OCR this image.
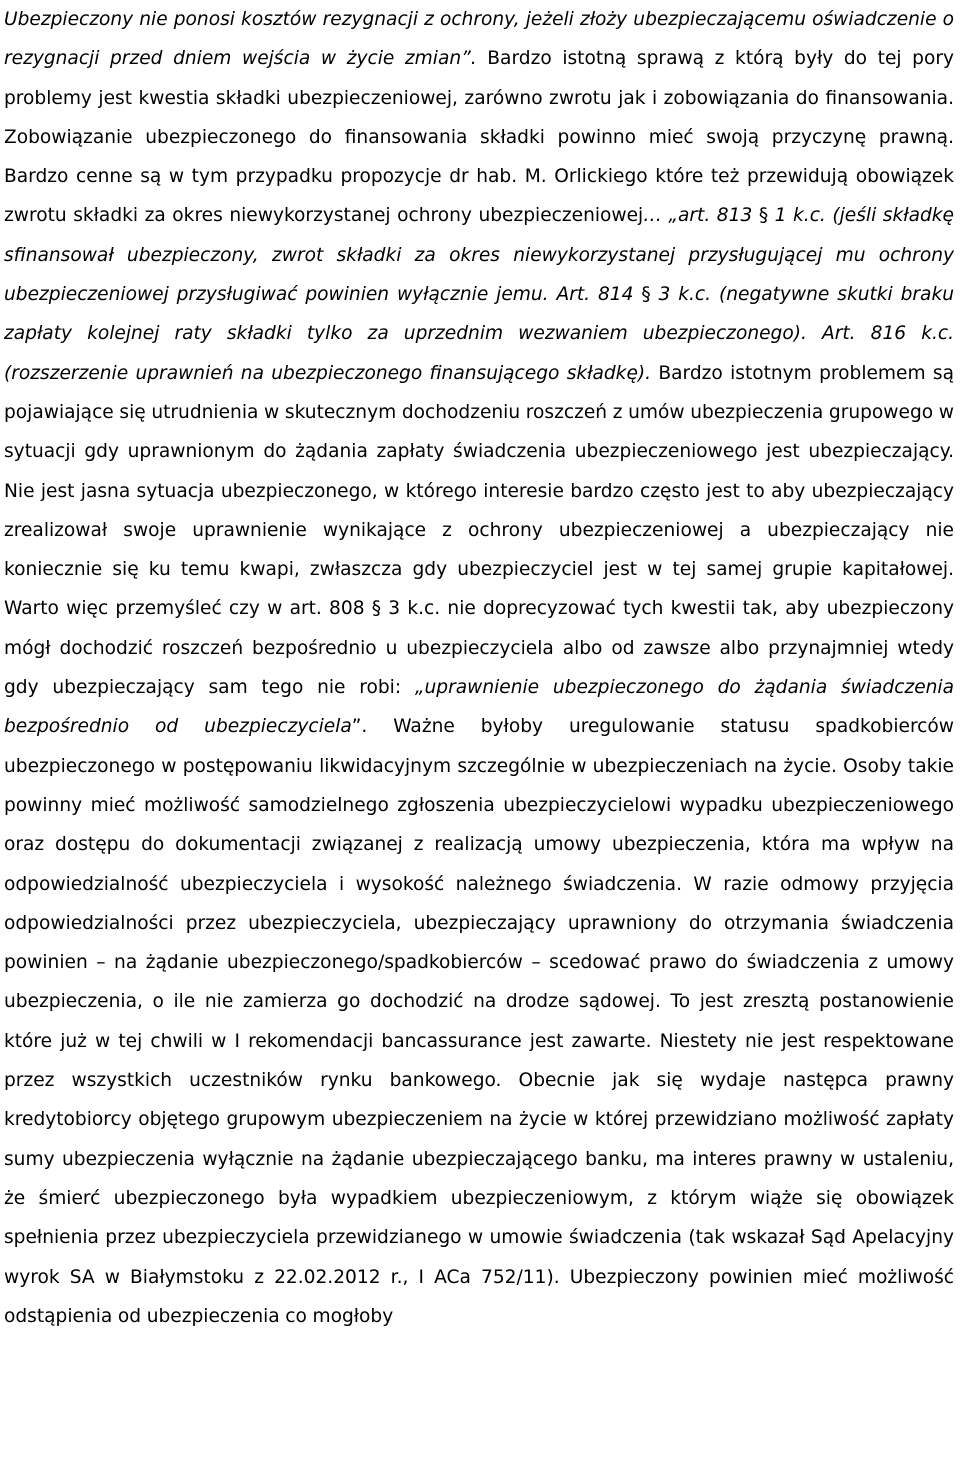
Ubezpieczony nie ponosi kosztów rezygnacji z ochrony, jeżeli złoży ubezpieczającemu oświadczenie o rezygnacji przed dniem wejścia w życie zmian”. Bardzo istotną sprawą z którą były do tej pory problemy jest kwestia składki ubezpieczeniowej, zarówno zwrotu jak i zobowiązania do finansowania. Zobowiązanie ubezpieczonego do finansowania składki powinno mieć swoją przyczynę prawną. Bardzo cenne są w tym przypadku propozycje dr hab. M. Orlickiego które też przewidują obowiązek zwrotu składki za okres niewykorzystanej ochrony ubezpieczeniowej… „art. 813 § 1 k.c. (jeśli składkę sfinansował ubezpieczony, zwrot składki za okres niewykorzystanej przysługującej mu ochrony ubezpieczeniowej przysługiwać powinien wyłącznie jemu. Art. 814 § 3 k.c. (negatywne skutki braku zapłaty kolejnej raty składki tylko za uprzednim wezwaniem ubezpieczonego). Art. 816 k.c. (rozszerzenie uprawnień na ubezpieczonego finansującego składkę). Bardzo istotnym problemem są pojawiające się utrudnienia w skutecznym dochodzeniu roszczeń z umów ubezpieczenia grupowego w sytuacji gdy uprawnionym do żądania zapłaty świadczenia ubezpieczeniowego jest ubezpieczający. Nie jest jasna sytuacja ubezpieczonego, w którego interesie bardzo często jest to aby ubezpieczający zrealizował swoje uprawnienie wynikające z ochrony ubezpieczeniowej a ubezpieczający nie koniecznie się ku temu kwapi, zwłaszcza gdy ubezpieczyciel jest w tej samej grupie kapitałowej. Warto więc przemyśleć czy w art. 808 § 3 k.c. nie doprecyzować tych kwestii tak, aby ubezpieczony mógł dochodzić roszczeń bezpośrednio u ubezpieczyciela albo od zawsze albo przynajmniej wtedy gdy ubezpieczający sam tego nie robi: „uprawnienie ubezpieczonego do żądania świadczenia bezpośrednio od ubezpieczyciela”. Ważne byłoby uregulowanie statusu spadkobierców ubezpieczonego w postępowaniu likwidacyjnym szczególnie w ubezpieczeniach na życie. Osoby takie powinny mieć możliwość samodzielnego zgłoszenia ubezpieczycielowi wypadku ubezpieczeniowego oraz dostępu do dokumentacji związanej z realizacją umowy ubezpieczenia, która ma wpływ na odpowiedzialność ubezpieczyciela i wysokość należnego świadczenia. W razie odmowy przyjęcia odpowiedzialności przez ubezpieczyciela, ubezpieczający uprawniony do otrzymania świadczenia powinien – na żądanie ubezpieczonego/spadkobierców – scedować prawo do świadczenia z umowy ubezpieczenia, o ile nie zamierza go dochodzić na drodze sądowej. To jest zresztą postanowienie które już w tej chwili w I rekomendacji bancassurance jest zawarte. Niestety nie jest respektowane przez wszystkich uczestników rynku bankowego. Obecnie jak się wydaje następca prawny kredytobiorcy objętego grupowym ubezpieczeniem na życie w której przewidziano możliwość zapłaty sumy ubezpieczenia wyłącznie na żądanie ubezpieczającego banku, ma interes prawny w ustaleniu, że śmierć ubezpieczonego była wypadkiem ubezpieczeniowym, z którym wiąże się obowiązek spełnienia przez ubezpieczyciela przewidzianego w umowie świadczenia (tak wskazał Sąd Apelacyjny wyrok SA w Białymstoku z 22.02.2012 r., I ACa 752/11). Ubezpieczony powinien mieć możliwość odstąpienia od ubezpieczenia co mogłoby
